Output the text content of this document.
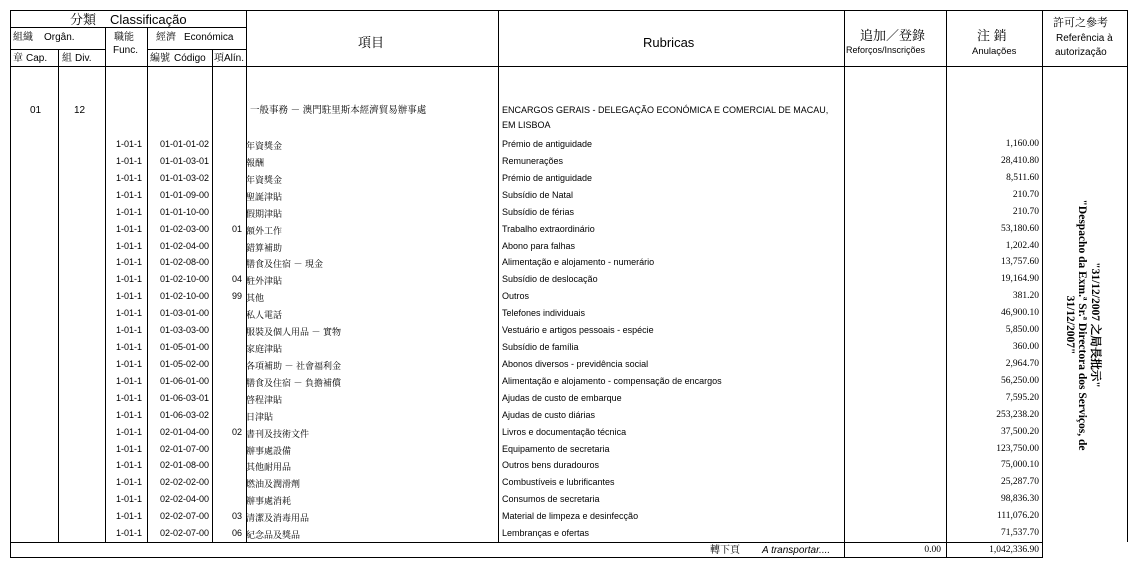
分類 Classificação
組織 Orgân.
章 Cap. 組 Div.
職能
Func.
經濟 Económica
編號 Código 項 Alín.
項目	Rubricas	追加／登錄
Reforços/Inscrições
注 銷
Anulações
許可之參考
Referência à
autorização
01	12	一般事務 － 澳門駐里斯本經濟貿易辦事處	ENCARGOS GERAIS - DELEGAÇÃO ECONÓMICA E COMERCIAL DE MACAU,
EM LISBOA
1-01-1	01-01-01-02	年資獎金	Prémio de antiguidade	1,160.00
1-01-1	01-01-03-01	報酬	Remunerações	28,410.80
1-01-1	01-01-03-02	年資獎金	Prémio de antiguidade	8,511.60
1-01-1	01-01-09-00	聖誕津貼	Subsídio de Natal	210.70
1-01-1	01-01-10-00	假期津貼	Subsídio de férias	210.70
1-01-1	01-02-03-00	01 額外工作	Trabalho extraordinário	53,180.60
1-01-1	01-02-04-00	錯算補助	Abono para falhas	1,202.40
1-01-1	01-02-08-00	膳食及住宿 － 現金	Alimentação e alojamento - numerário	13,757.60
1-01-1	01-02-10-00	04 駐外津貼	Subsídio de deslocação	19,164.90
1-01-1	01-02-10-00	99 其他	Outros	381.20
1-01-1	01-03-01-00	私人電話	Telefones individuais	46,900.10
1-01-1	01-03-03-00	服裝及個人用品 － 實物	Vestuário e artigos pessoais - espécie	5,850.00
1-01-1	01-05-01-00	家庭津貼	Subsídio de família	360.00
1-01-1	01-05-02-00	各項補助 － 社會福利金	Abonos diversos - previdência social	2,964.70
1-01-1	01-06-01-00	膳食及住宿 － 負擔補償	Alimentação e alojamento - compensação de encargos	56,250.00
1-01-1	01-06-03-01	啓程津貼	Ajudas de custo de embarque	7,595.20
1-01-1	01-06-03-02	日津貼	Ajudas de custo diárias	253,238.20
1-01-1	02-01-04-00	02 書刊及技術文件	Livros e documentação técnica	37,500.20
1-01-1	02-01-07-00	辦事處設備	Equipamento de secretaria	123,750.00
1-01-1	02-01-08-00	其他耐用品	Outros bens duradouros	75,000.10
1-01-1	02-02-02-00	燃油及潤滑劑	Combustíveis e lubrificantes	25,287.70
1-01-1	02-02-04-00	辦事處消耗	Consumos de secretaria	98,836.30
1-01-1	02-02-07-00	03 清潔及消毒用品	Material de limpeza e desinfecção	111,076.20
1-01-1	02-02-07-00	06 紀念品及獎品	Lembranças e ofertas	71,537.70
"31/12/2007 之局長批示"
"Despacho da Exm.ª Sr.ª Directora dos Serviços, de
31/12/2007"
轉下頁 A transportar....	0.00	1,042,336.90
